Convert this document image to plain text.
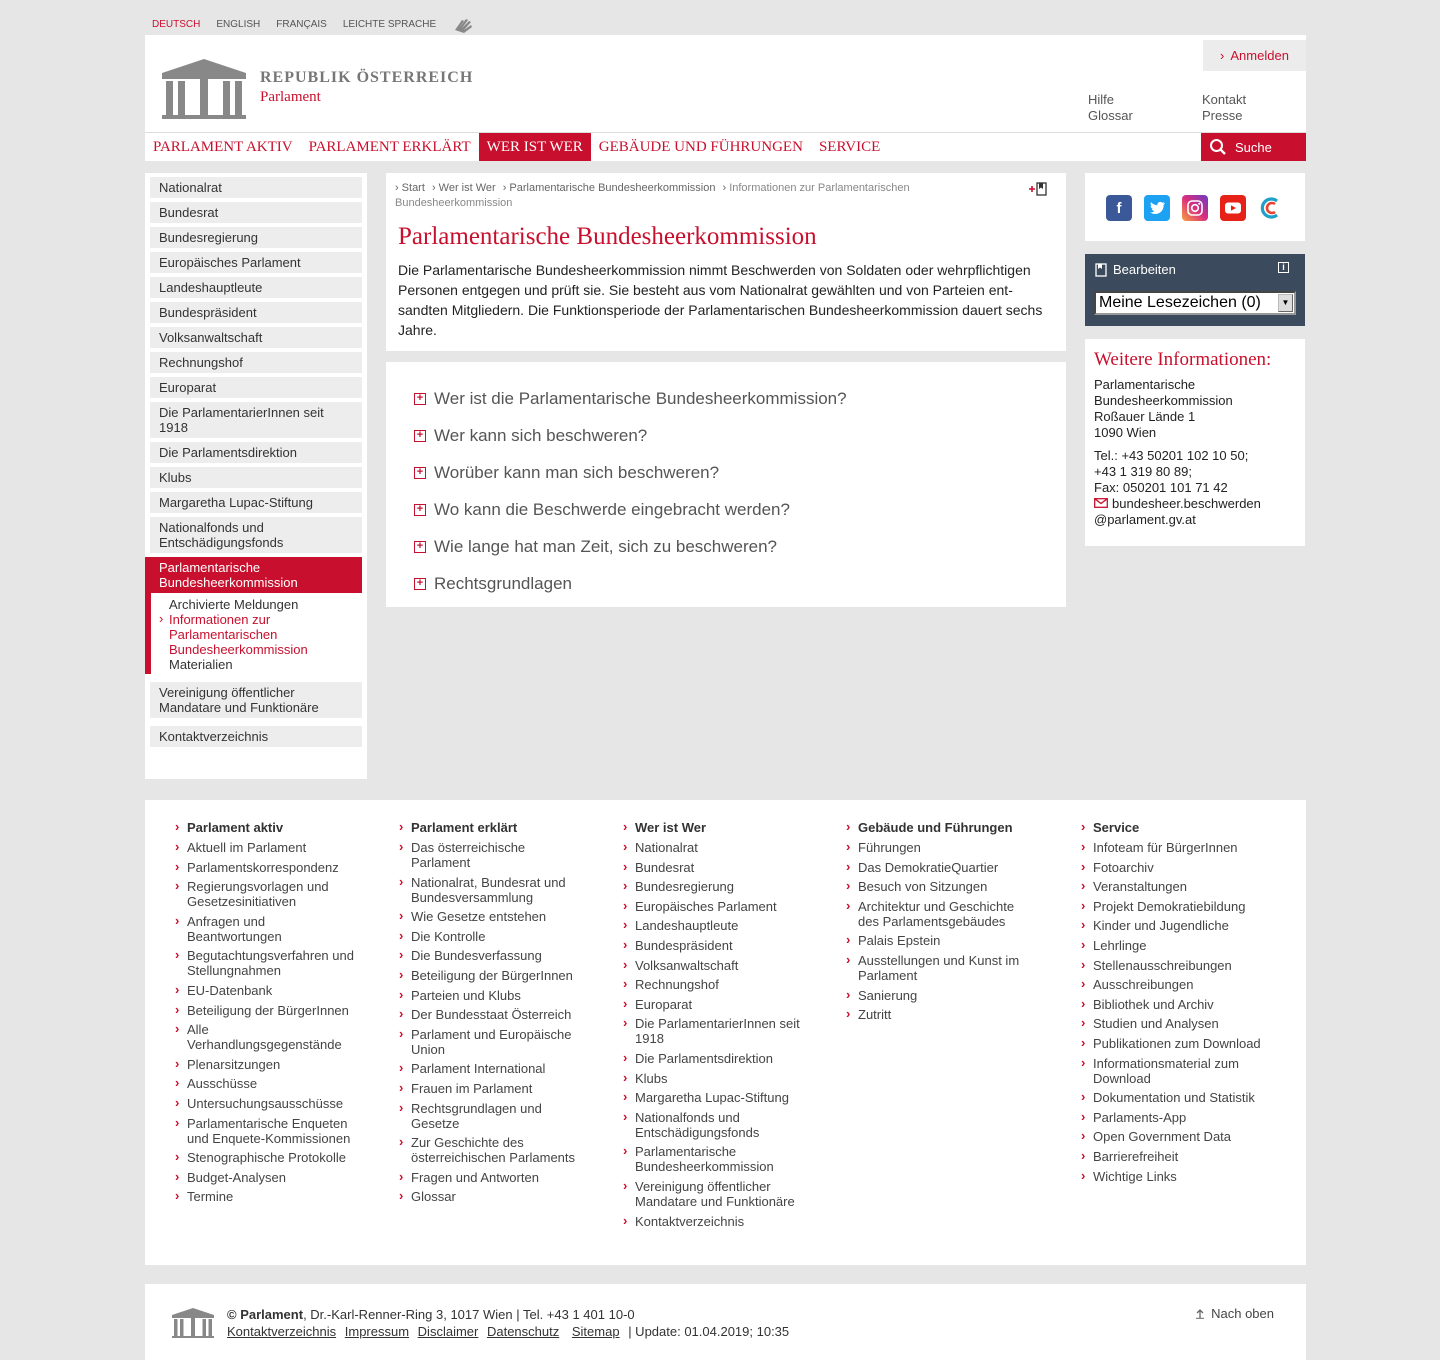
DEUTSCH ENGLISH FRANÇAIS LEICHTE SPRACHE
REPUBLIK ÖSTERREICH
Parlament
› Anmelden
Hilfe
Glossar
Kontakt
Presse
PARLAMENT AKTIV	PARLAMENT ERKLÄRT	WER IST WER	GEBÄUDE UND FÜHRUNGEN	SERVICE	Suche
Nationalrat
Bundesrat
Bundesregierung
Europäisches Parlament
Landeshauptleute
Bundespräsident
Volksanwaltschaft
Rechnungshof
Europarat
Die ParlamentarierInnen seit 1918
Die Parlamentsdirektion
Klubs
Margaretha Lupac-Stiftung
Nationalfonds und Entschädigungsfonds
Parlamentarische Bundesheerkommission
Archivierte Meldungen
› Informationen zur Parlamentarischen Bundesheerkommission
Materialien
Vereinigung öffentlicher Mandatare und Funktionäre
Kontaktverzeichnis
› Start › Wer ist Wer › Parlamentarische Bundesheerkommission › Informationen zur Parlamentarischen Bundesheerkommission
Parlamentarische Bundesheerkommission

Die Parlamentarische Bundesheerkommission nimmt Beschwerden von Soldaten oder wehrpflichtigen Personen entgegen und prüft sie. Sie besteht aus vom Nationalrat gewählten und von Parteien entsandten Mitgliedern. Die Funktionsperiode der Parlamentarischen Bundesheerkommission dauert sechs Jahre.

+ Wer ist die Parlamentarische Bundesheerkommission?
+ Wer kann sich beschweren?
+ Worüber kann man sich beschweren?
+ Wo kann die Beschwerde eingebracht werden?
+ Wie lange hat man Zeit, sich zu beschweren?
+ Rechtsgrundlagen
f
Bearbeiten	i
Meine Lesezeichen (0)	▼
Weitere Informationen:
Parlamentarische Bundesheerkommission
Roßauer Lände 1
1090 Wien
Tel.: +43 50201 102 10 50;
+43 1 319 80 89;
Fax: 050201 101 71 42
bundesheer.beschwerden
@parlament.gv.at
› Parlament aktiv
› Aktuell im Parlament
› Parlamentskorrespondenz
› Regierungsvorlagen und Gesetzesinitiativen
› Anfragen und Beantwortungen
› Begutachtungsverfahren und Stellungnahmen
› EU-Datenbank
› Beteiligung der BürgerInnen
› Alle Verhandlungsgegenstände
› Plenarsitzungen
› Ausschüsse
› Untersuchungsausschüsse
› Parlamentarische Enqueten und Enquete-Kommissionen
› Stenographische Protokolle
› Budget-Analysen
› Termine
› Parlament erklärt
› Das österreichische Parlament
› Nationalrat, Bundesrat und Bundesversammlung
› Wie Gesetze entstehen
› Die Kontrolle
› Die Bundesverfassung
› Beteiligung der BürgerInnen
› Parteien und Klubs
› Der Bundesstaat Österreich
› Parlament und Europäische Union
› Parlament International
› Frauen im Parlament
› Rechtsgrundlagen und Gesetze
› Zur Geschichte des österreichischen Parlaments
› Fragen und Antworten
› Glossar
› Wer ist Wer
› Nationalrat
› Bundesrat
› Bundesregierung
› Europäisches Parlament
› Landeshauptleute
› Bundespräsident
› Volksanwaltschaft
› Rechnungshof
› Europarat
› Die ParlamentarierInnen seit 1918
› Die Parlamentsdirektion
› Klubs
› Margaretha Lupac-Stiftung
› Nationalfonds und Entschädigungsfonds
› Parlamentarische Bundesheerkommission
› Vereinigung öffentlicher Mandatare und Funktionäre
› Kontaktverzeichnis
› Gebäude und Führungen
› Führungen
› Das DemokratieQuartier
› Besuch von Sitzungen
› Architektur und Geschichte des Parlamentsgebäudes
› Palais Epstein
› Ausstellungen und Kunst im Parlament
› Sanierung
› Zutritt
› Service
› Infoteam für BürgerInnen
› Fotoarchiv
› Veranstaltungen
› Projekt Demokratiebildung
› Kinder und Jugendliche
› Lehrlinge
› Stellenausschreibungen
› Ausschreibungen
› Bibliothek und Archiv
› Studien und Analysen
› Publikationen zum Download
› Informationsmaterial zum Download
› Dokumentation und Statistik
› Parlaments-App
› Open Government Data
› Barrierefreiheit
› Wichtige Links
© Parlament, Dr.-Karl-Renner-Ring 3, 1017 Wien | Tel. +43 1 401 10-0
Kontaktverzeichnis Impressum Disclaimer Datenschutz Sitemap | Update: 01.04.2019; 10:35
Nach oben
